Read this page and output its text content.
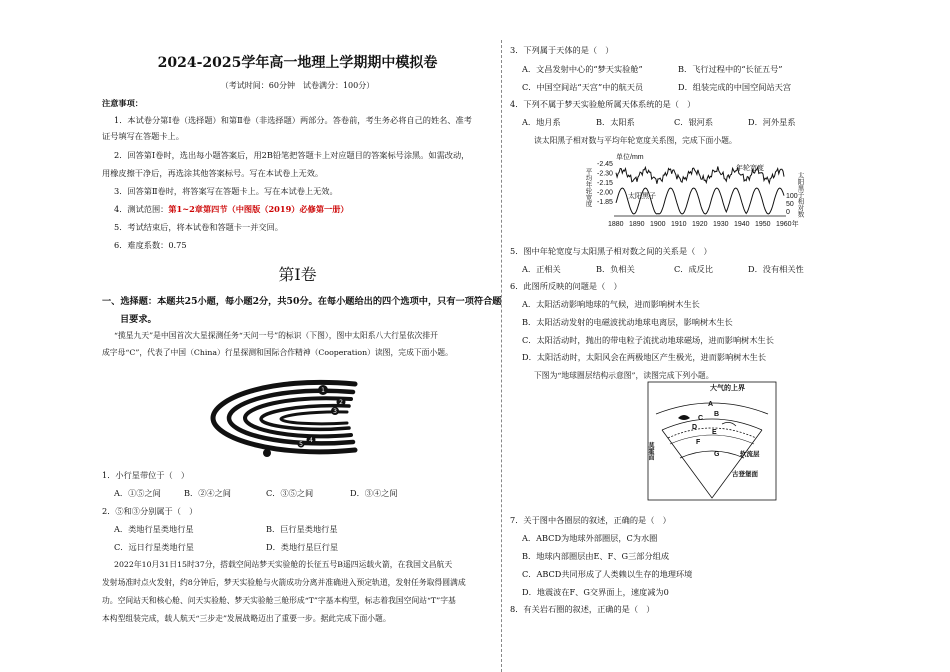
2024-2025学年高一地理上学期期中模拟卷
（考试时间：60分钟　试卷满分：100分）
注意事项：
1．本试卷分第Ⅰ卷（选择题）和第Ⅱ卷（非选择题）两部分。答卷前，考生务必将自己的姓名、准考
证号填写在答题卡上。
2．回答第Ⅰ卷时，选出每小题答案后，用2B铅笔把答题卡上对应题目的答案标号涂黑。如需改动，
用橡皮擦干净后，再选涂其他答案标号。写在本试卷上无效。
3．回答第Ⅱ卷时，将答案写在答题卡上。写在本试卷上无效。
4．测试范围：第1~2章第四节（中图版（2019）必修第一册）
5．考试结束后，将本试卷和答题卡一并交回。
6．难度系数：0.75
第Ⅰ卷
一、选择题：本题共25小题，每小题2分，共50分。在每小题给出的四个选项中，只有一项符合题
目要求。
“揽星九天”是中国首次大星探测任务“天问一号”的标识（下图），图中太阳系八大行星依次排开
成字母“C”，代表了中国（China）行星探测和国际合作精神（Cooperation）读图，完成下面小题。
1
2
3
4
5
1．小行星带位于（　）
A．①⑤之间	B．②④之间	C．③⑤之间	D．③④之间
2．⑤和③分别属于（　）
A．类地行星类地行星	B．巨行星类地行星
C．远日行星类地行星	D．类地行星巨行星
2022年10月31日15时37分，搭载空间站梦天实验舱的长征五号B遥四运载火箭，在我国文昌航天
发射场准时点火发射，约8分钟后，梦天实验舱与火箭成功分离并准确进入预定轨道，发射任务取得圆满成
功。空间站天和核心舱、问天实验舱、梦天实验舱三舱形成“T”字基本构型，标志着我国空间站“T”字基
本构型组装完成，载人航天“三步走”发展战略迈出了重要一步。据此完成下面小题。
3．下列属于天体的是（　）
A．文昌发射中心的“梦天实验舱”	B．飞行过程中的“长征五号”
C．中国空间站“天宫”中的航天员	D．组装完成的中国空间站天宫
4．下列不属于梦天实验舱所属天体系统的是（　）
A．地月系	B．太阳系	C．银河系	D．河外星系
读太阳黑子相对数与平均年轮宽度关系图，完成下面小题。
单位/mm
平均年轮宽度	太阳黑子相对数
-2.45
-2.30
-2.15
-2.00
-1.85
100
50
0
1880 1890 1900 1910 1920 1930 1940 1950 1960年
年轮宽度
太阳黑子
5．图中年轮宽度与太阳黑子相对数之间的关系是（　）
A．正相关	B．负相关	C．成反比	D．没有相关性
6．此图所反映的问题是（　）
A．太阳活动影响地球的气候，进而影响树木生长
B．太阳活动发射的电磁波扰动地球电离层，影响树木生长
C．太阳活动时，抛出的带电粒子流扰动地球磁场，进而影响树木生长
D．太阳活动时，太阳风会在两极地区产生极光，进而影响树木生长
下图为“地球圈层结构示意图”，读图完成下列小题。
大气的上界
A
B
C
D
E
F
G
莫霍面	软流层
古登堡面
7．关于图中各圈层的叙述，正确的是（　）
A．ABCD为地球外部圈层，C为水圈
B．地球内部圈层由E、F、G三部分组成
C．ABCD共同形成了人类赖以生存的地理环境
D．地震波在F、G交界面上，速度减为0
8．有关岩石圈的叙述，正确的是（　）
